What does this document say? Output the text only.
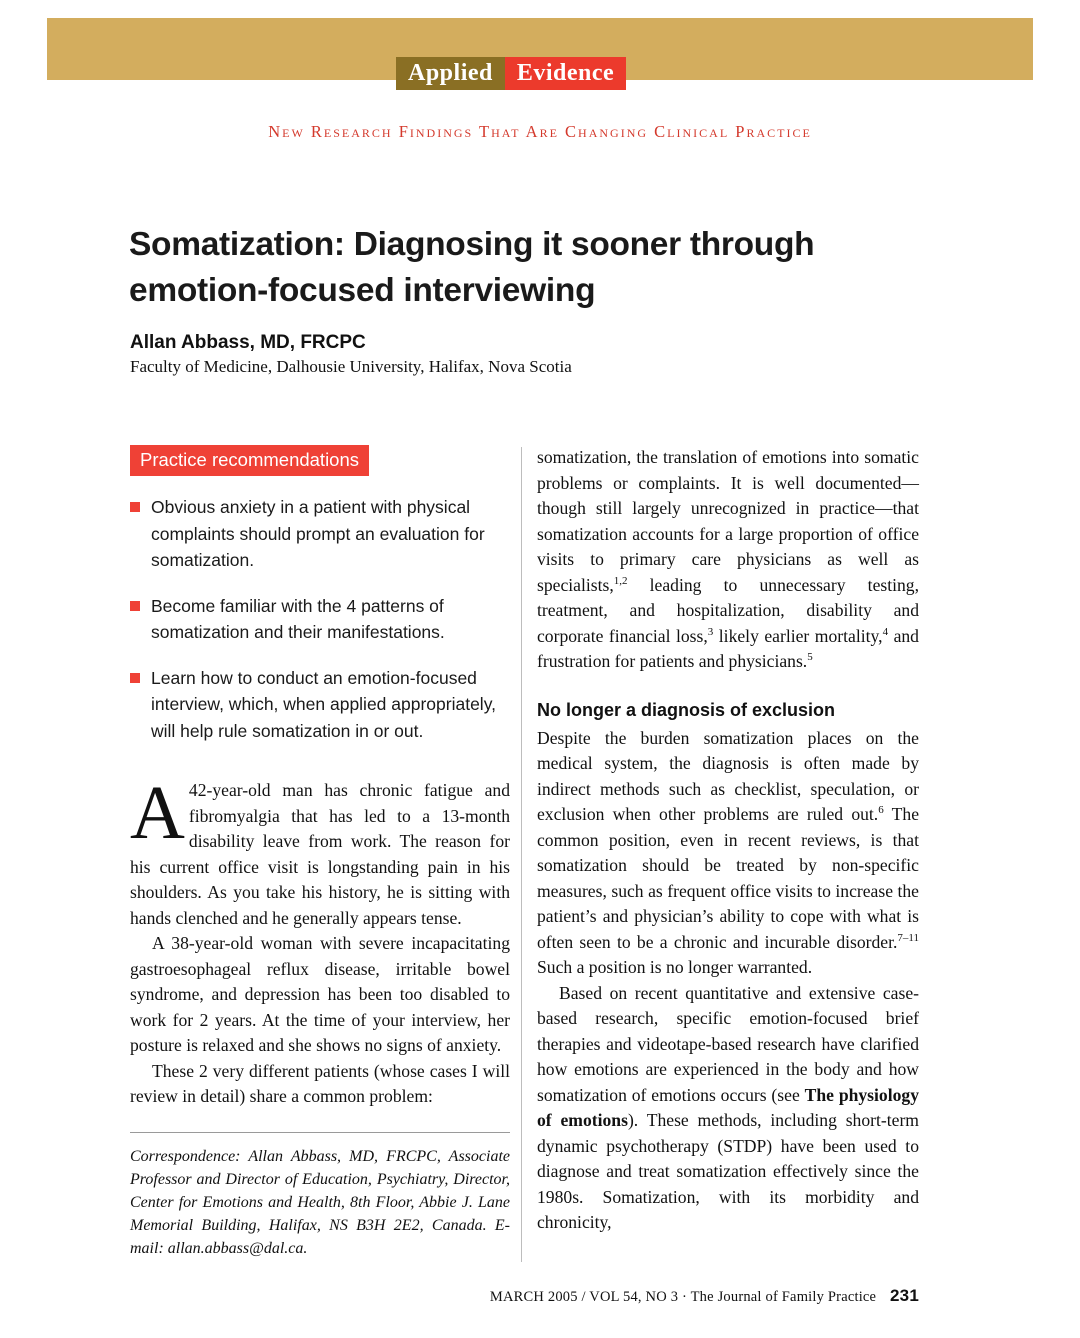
Applied	Evidence
New Research Findings That Are Changing Clinical Practice
Somatization: Diagnosing it sooner through emotion-focused interviewing
Allan Abbass, MD, FRCPC
Faculty of Medicine, Dalhousie University, Halifax, Nova Scotia
Practice recommendations
Obvious anxiety in a patient with physical complaints should prompt an evaluation for somatization.
Become familiar with the 4 patterns of somatization and their manifestations.
Learn how to conduct an emotion-focused interview, which, when applied appropriately, will help rule somatization in or out.
A 42-year-old man has chronic fatigue and fibromyalgia that has led to a 13-month disability leave from work. The reason for his current office visit is longstanding pain in his shoulders. As you take his history, he is sitting with hands clenched and he generally appears tense.

A 38-year-old woman with severe incapacitating gastroesophageal reflux disease, irritable bowel syndrome, and depression has been too disabled to work for 2 years. At the time of your interview, her posture is relaxed and she shows no signs of anxiety.

These 2 very different patients (whose cases I will review in detail) share a common problem:

Correspondence: Allan Abbass, MD, FRCPC, Associate Professor and Director of Education, Psychiatry, Director, Center for Emotions and Health, 8th Floor, Abbie J. Lane Memorial Building, Halifax, NS B3H 2E2, Canada. E-mail: allan.abbass@dal.ca.

somatization, the translation of emotions into somatic problems or complaints. It is well documented—though still largely unrecognized in practice—that somatization accounts for a large proportion of office visits to primary care physicians as well as specialists,$^{1,2}$ leading to unnecessary testing, treatment, and hospitalization, disability and corporate financial loss,$^3$ likely earlier mortality,$^4$ and frustration for patients and physicians.$^5$

No longer a diagnosis of exclusion

Despite the burden somatization places on the medical system, the diagnosis is often made by indirect methods such as checklist, speculation, or exclusion when other problems are ruled out.$^6$ The common position, even in recent reviews, is that somatization should be treated by non-specific measures, such as frequent office visits to increase the patient’s and physician’s ability to cope with what is often seen to be a chronic and incurable disorder.$^{7-11}$ Such a position is no longer warranted.

Based on recent quantitative and extensive case-based research, specific emotion-focused brief therapies and videotape-based research have clarified how emotions are experienced in the body and how somatization of emotions occurs (see The physiology of emotions). These methods, including short-term dynamic psychotherapy (STDP) have been used to diagnose and treat somatization effectively since the 1980s. Somatization, with its morbidity and chronicity,

MARCH 2005 / VOL 54, NO 3 · The Journal of Family Practice 231
